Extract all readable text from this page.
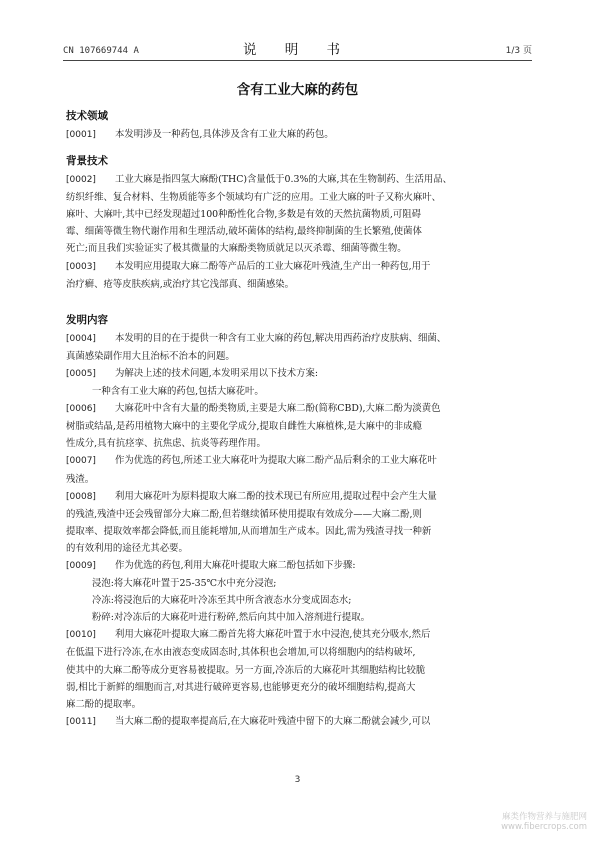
CN 107669744 A	说 明 书	1/3 页
含有工业大麻的药包
技术领域

[0001] 本发明涉及一种药包,具体涉及含有工业大麻的药包。

背景技术

[0002] 工业大麻是指四氢大麻酚(THC)含量低于0.3%的大麻,其在生物制药、生活用品、

纺织纤维、复合材料、生物质能等多个领域均有广泛的应用。工业大麻的叶子又称火麻叶、

麻叶、大麻叶,其中已经发现超过100种酚性化合物,多数是有效的天然抗菌物质,可阻碍

霉、细菌等微生物代谢作用和生理活动,破坏菌体的结构,最终抑制菌的生长繁殖,使菌体

死亡;而且我们实验证实了极其微量的大麻酚类物质就足以灭杀霉、细菌等微生物。

[0003] 本发明应用提取大麻二酚等产品后的工业大麻花叶残渣,生产出一种药包,用于

治疗癣、疮等皮肤疾病,或治疗其它浅部真、细菌感染。

发明内容

[0004] 本发明的目的在于提供一种含有工业大麻的药包,解决用西药治疗皮肤病、细菌、

真菌感染副作用大且治标不治本的问题。

[0005] 为解决上述的技术问题,本发明采用以下技术方案:

一种含有工业大麻的药包,包括大麻花叶。

[0006] 大麻花叶中含有大量的酚类物质,主要是大麻二酚(简称CBD),大麻二酚为淡黄色

树脂或结晶,是药用植物大麻中的主要化学成分,提取自雌性大麻植株,是大麻中的非成瘾

性成分,具有抗痉挛、抗焦虑、抗炎等药理作用。

[0007] 作为优选的药包,所述工业大麻花叶为提取大麻二酚产品后剩余的工业大麻花叶

残渣。

[0008] 利用大麻花叶为原料提取大麻二酚的技术现已有所应用,提取过程中会产生大量

的残渣,残渣中还会残留部分大麻二酚,但若继续循环使用提取有效成分——大麻二酚,则

提取率、提取效率都会降低,而且能耗增加,从而增加生产成本。因此,需为残渣寻找一种新

的有效利用的途径尤其必要。

[0009] 作为优选的药包,利用大麻花叶提取大麻二酚包括如下步骤:

浸泡:将大麻花叶置于25-35℃水中充分浸泡;

冷冻:将浸泡后的大麻花叶冷冻至其中所含液态水分变成固态水;

粉碎:对冷冻后的大麻花叶进行粉碎,然后向其中加入溶剂进行提取。

[0010] 利用大麻花叶提取大麻二酚首先将大麻花叶置于水中浸泡,使其充分吸水,然后

在低温下进行冷冻,在水由液态变成固态时,其体积也会增加,可以将细胞内的结构破坏,

使其中的大麻二酚等成分更容易被提取。另一方面,冷冻后的大麻花叶其细胞结构比较脆

弱,相比于新鲜的细胞而言,对其进行破碎更容易,也能够更充分的破坏细胞结构,提高大

麻二酚的提取率。

[0011] 当大麻二酚的提取率提高后,在大麻花叶残渣中留下的大麻二酚就会减少,可以

3
麻类作物营养与施肥网
www.fibercrops.com
